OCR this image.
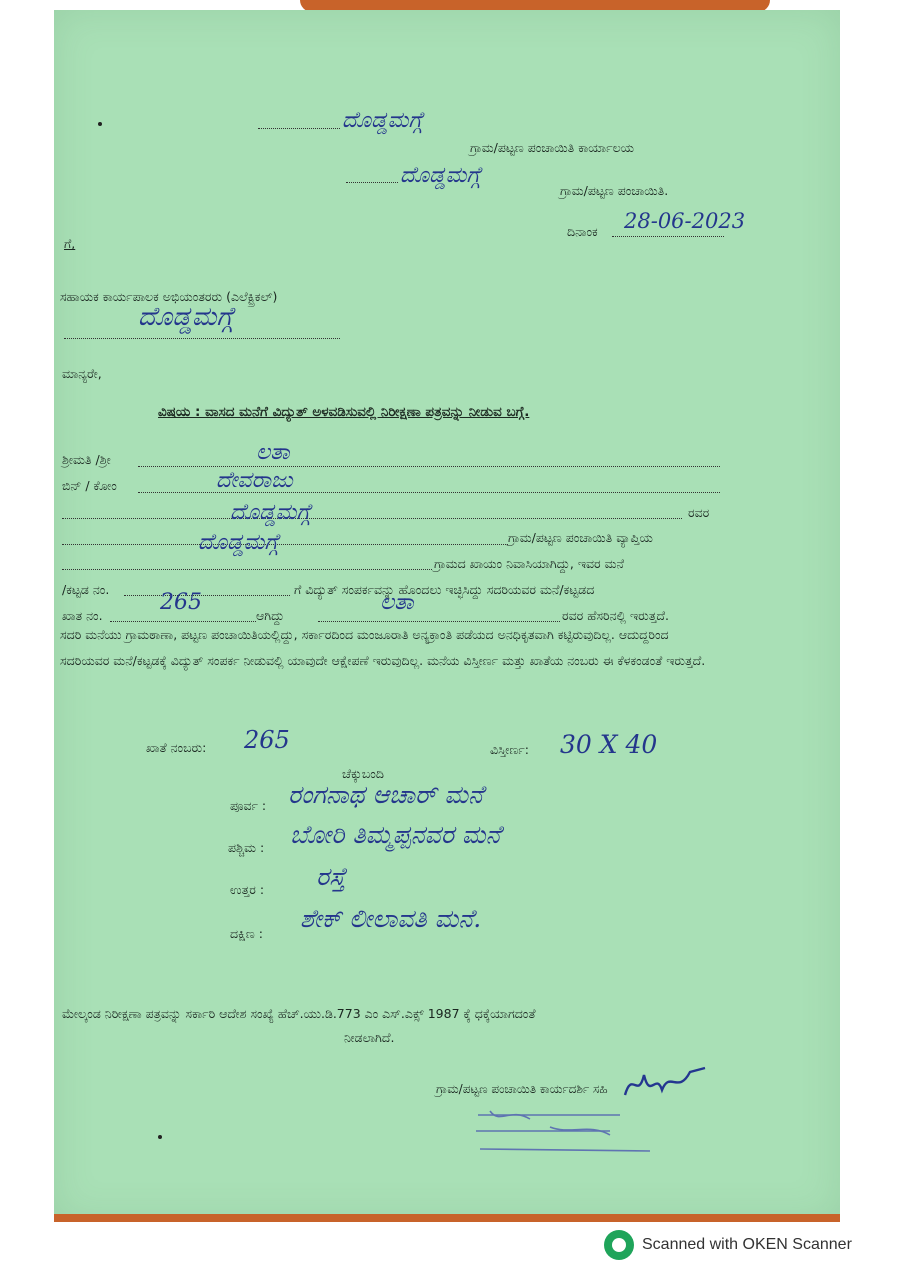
ದೊಡ್ಡಮಗ್ಗೆ
ಗ್ರಾಮ/ಪಟ್ಟಣ ಪಂಚಾಯಿತಿ ಕಾರ್ಯಾಲಯ
ದೊಡ್ಡಮಗ್ಗೆ
ಗ್ರಾಮ/ಪಟ್ಟಣ ಪಂಚಾಯಿತಿ.
ದಿನಾಂಕ 28-06-2023
ಗೆ,
ಸಹಾಯಕ ಕಾರ್ಯಪಾಲಕ ಅಭಿಯಂತರರು (ಎಲೆಕ್ಟ್ರಿಕಲ್)
ದೊಡ್ಡಮಗ್ಗೆ
ಮಾನ್ಯರೇ,
ವಿಷಯ : ವಾಸದ ಮನೆಗೆ ವಿದ್ಯುತ್ ಅಳವಡಿಸುವಲ್ಲಿ ನಿರೀಕ್ಷಣಾ ಪತ್ರವನ್ನು ನೀಡುವ ಬಗ್ಗೆ.
ಶ್ರೀಮತಿ /ಶ್ರೀ	ಲತಾ
ಬಿನ್ / ಕೋಂ	ದೇವರಾಜು
ರವರ
ದೊಡ್ಡಮಗ್ಗೆ
ಗ್ರಾಮ/ಪಟ್ಟಣ ಪಂಚಾಯಿತಿ ವ್ಯಾಪ್ತಿಯ
ದೊಡ್ಡಮಗ್ಗೆ
ಗ್ರಾಮದ ಖಾಯಂ ನಿವಾಸಿಯಾಗಿದ್ದು, ಇವರ ಮನೆ
/ಕಟ್ಟಡ ನಂ.	ಗೆ ವಿದ್ಯುತ್ ಸಂಪರ್ಕವನ್ನು ಹೊಂದಲು ಇಚ್ಛಿಸಿದ್ದು ಸದರಿಯವರ ಮನೆ/ಕಟ್ಟಡದ
ಖಾತ ನಂ.
265
ಆಗಿದ್ದು
ಲತಾ
ರವರ ಹೆಸರಿನಲ್ಲಿ ಇರುತ್ತದೆ.
ಸದರಿ ಮನೆಯು ಗ್ರಾಮಠಾಣಾ, ಪಟ್ಟಣ ಪಂಚಾಯಿತಿಯಲ್ಲಿದ್ದು, ಸರ್ಕಾರದಿಂದ ಮಂಜೂರಾತಿ ಅನ್ಯಕ್ರಾಂತಿ ಪಡೆಯದ ಅನಧಿಕೃತವಾಗಿ ಕಟ್ಟಿರುವುದಿಲ್ಲ. ಆದುದ್ದರಿಂದ ಸದರಿಯವರ ಮನೆ/ಕಟ್ಟಡಕ್ಕೆ ವಿದ್ಯುತ್ ಸಂಪರ್ಕ ನೀಡುವಲ್ಲಿ ಯಾವುದೇ ಆಕ್ಷೇಪಣೆ ಇರುವುದಿಲ್ಲ. ಮನೆಯ ವಿಸ್ತೀರ್ಣ ಮತ್ತು ಖಾತೆಯ ನಂಬರು ಈ ಕೆಳಕಂಡಂತೆ ಇರುತ್ತದೆ.
ಖಾತೆ ನಂಬರು: 265	ವಿಸ್ತೀರ್ಣ: 30 X 40
ಚೆಕ್ಕುಬಂದಿ
ಪೂರ್ವ : ರಂಗನಾಥ ಆಚಾರ್ ಮನೆ
ಪಶ್ಚಿಮ : ಬೋರಿ ತಿಮ್ಮಪ್ಪನವರ ಮನೆ
ಉತ್ತರ : ರಸ್ತೆ
ದಕ್ಷಿಣ :
ಶೇಕ್ ಲೀಲಾವತಿ ಮನೆ.
ಮೇಲ್ಕಂಡ ನಿರೀಕ್ಷಣಾ ಪತ್ರವನ್ನು ಸರ್ಕಾರಿ ಆದೇಶ ಸಂಖ್ಯೆ ಹೆಚ್.ಯು.ಡಿ.773 ಎಂ ಎಸ್.ಎಕ್ಸ್ 1987 ಕ್ಕೆ ಧಕ್ಕೆಯಾಗದಂತೆ
ನೀಡಲಾಗಿದೆ.
ಗ್ರಾಮ/ಪಟ್ಟಣ ಪಂಚಾಯಿತಿ ಕಾರ್ಯದರ್ಶಿ ಸಹಿ
Scanned with OKEN Scanner
